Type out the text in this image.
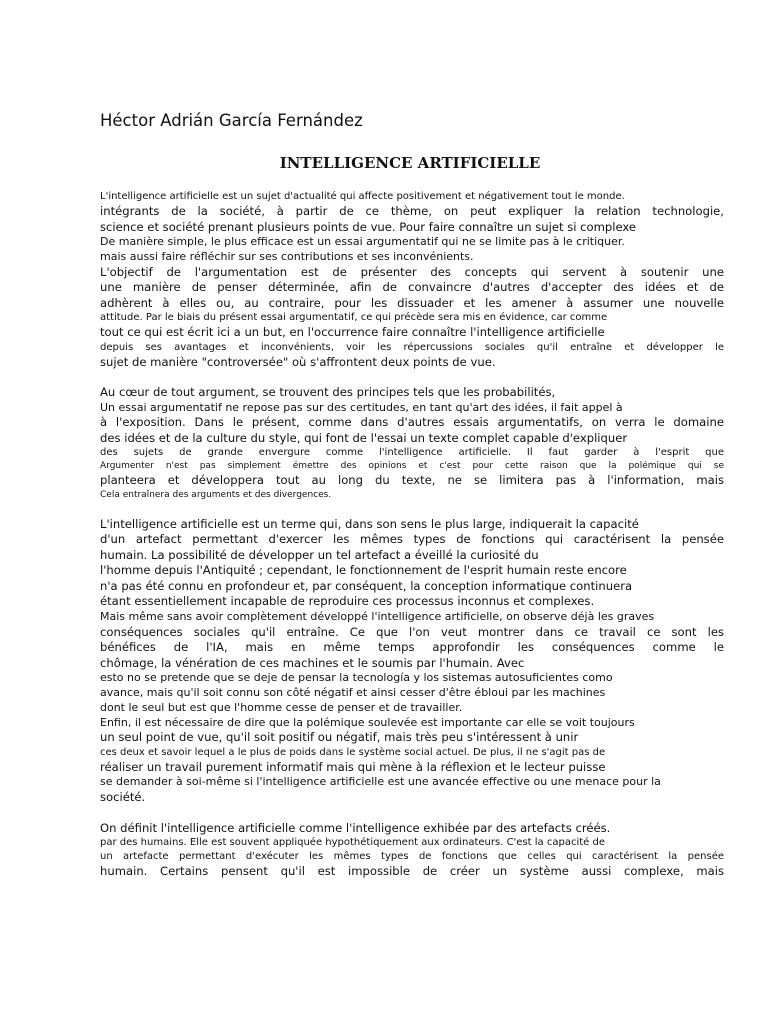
Héctor Adrián García Fernández
INTELLIGENCE ARTIFICIELLE
L'intelligence artificielle est un sujet d'actualité qui affecte positivement et négativement tout le monde.
intégrants de la société, à partir de ce thème, on peut expliquer la relation technologie,
science et société prenant plusieurs points de vue. Pour faire connaître un sujet si complexe
De manière simple, le plus efficace est un essai argumentatif qui ne se limite pas à le critiquer.
mais aussi faire réfléchir sur ses contributions et ses inconvénients.
L'objectif de l'argumentation est de présenter des concepts qui servent à soutenir une
une manière de penser déterminée, afin de convaincre d'autres d'accepter des idées et de
adhèrent à elles ou, au contraire, pour les dissuader et les amener à assumer une nouvelle
attitude. Par le biais du présent essai argumentatif, ce qui précède sera mis en évidence, car comme
tout ce qui est écrit ici a un but, en l'occurrence faire connaître l'intelligence artificielle
depuis ses avantages et inconvénients, voir les répercussions sociales qu'il entraîne et développer le
sujet de manière "controversée" où s'affrontent deux points de vue.
Au cœur de tout argument, se trouvent des principes tels que les probabilités,
Un essai argumentatif ne repose pas sur des certitudes, en tant qu'art des idées, il fait appel à
à l'exposition. Dans le présent, comme dans d'autres essais argumentatifs, on verra le domaine
des idées et de la culture du style, qui font de l'essai un texte complet capable d'expliquer
des sujets de grande envergure comme l'intelligence artificielle. Il faut garder à l'esprit que
Argumenter n'est pas simplement émettre des opinions et c'est pour cette raison que la polémique qui se
planteera et développera tout au long du texte, ne se limitera pas à l'information, mais
Cela entraînera des arguments et des divergences.
L'intelligence artificielle est un terme qui, dans son sens le plus large, indiquerait la capacité
d'un artefact permettant d'exercer les mêmes types de fonctions qui caractérisent la pensée
humain. La possibilité de développer un tel artefact a éveillé la curiosité du
l'homme depuis l'Antiquité ; cependant, le fonctionnement de l'esprit humain reste encore
n'a pas été connu en profondeur et, par conséquent, la conception informatique continuera
étant essentiellement incapable de reproduire ces processus inconnus et complexes.
Mais même sans avoir complètement développé l'intelligence artificielle, on observe déjà les graves
conséquences sociales qu'il entraîne. Ce que l'on veut montrer dans ce travail ce sont les
bénéfices de l'IA, mais en même temps approfondir les conséquences comme le
chômage, la vénération de ces machines et le soumis par l'humain. Avec
esto no se pretende que se deje de pensar la tecnología y los sistemas autosuficientes como
avance, mais qu'il soit connu son côté négatif et ainsi cesser d'être ébloui par les machines
dont le seul but est que l'homme cesse de penser et de travailler.
Enfin, il est nécessaire de dire que la polémique soulevée est importante car elle se voit toujours
un seul point de vue, qu'il soit positif ou négatif, mais très peu s'intéressent à unir
ces deux et savoir lequel a le plus de poids dans le système social actuel. De plus, il ne s'agit pas de
réaliser un travail purement informatif mais qui mène à la réflexion et le lecteur puisse
se demander à soi-même si l'intelligence artificielle est une avancée effective ou une menace pour la
société.
On définit l'intelligence artificielle comme l'intelligence exhibée par des artefacts créés.
par des humains. Elle est souvent appliquée hypothétiquement aux ordinateurs. C'est la capacité de
un artefacte permettant d'exécuter les mêmes types de fonctions que celles qui caractérisent la pensée
humain. Certains pensent qu'il est impossible de créer un système aussi complexe, mais
